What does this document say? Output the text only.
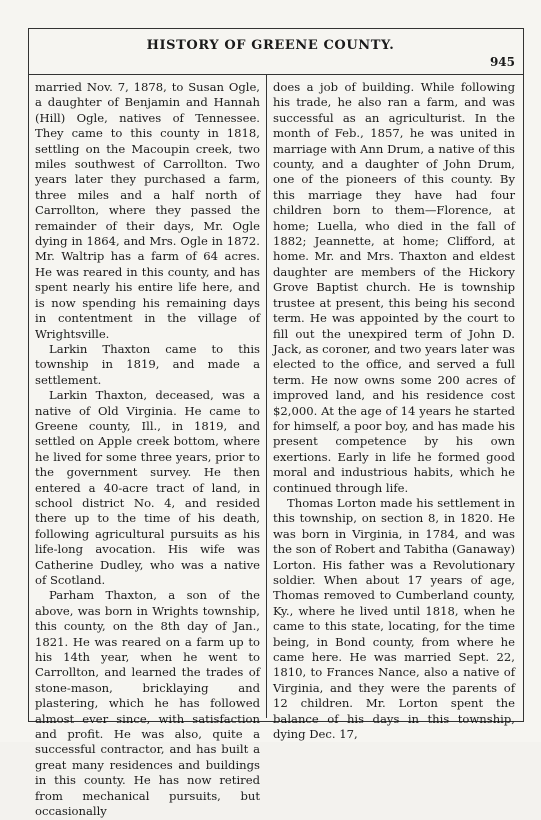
HISTORY OF GREENE COUNTY.
945

married Nov. 7, 1878, to Susan Ogle, a daughter of Benjamin and Hannah (Hill) Ogle, natives of Tennessee. They came to this county in 1818, settling on the Macoupin creek, two miles southwest of Carrollton. Two years later they purchased a farm, three miles and a half north of Carrollton, where they passed the remainder of their days, Mr. Ogle dying in 1864, and Mrs. Ogle in 1872. Mr. Waltrip has a farm of 64 acres. He was reared in this county, and has spent nearly his entire life here, and is now spending his remaining days in contentment in the village of Wrightsville.

Larkin Thaxton came to this township in 1819, and made a settlement.

Larkin Thaxton, deceased, was a native of Old Virginia. He came to Greene county, Ill., in 1819, and settled on Apple creek bottom, where he lived for some three years, prior to the government survey. He then entered a 40-acre tract of land, in school district No. 4, and resided there up to the time of his death, following agricultural pursuits as his life-long avocation. His wife was Catherine Dudley, who was a native of Scotland.

Parham Thaxton, a son of the above, was born in Wrights township, this county, on the 8th day of Jan., 1821. He was reared on a farm up to his 14th year, when he went to Carrollton, and learned the trades of stone-mason, bricklaying and plastering, which he has followed almost ever since, with satisfaction and profit. He was also, quite a successful contractor, and has built a great many residences and buildings in this county. He has now retired from mechanical pursuits, but occasionally

does a job of building. While following his trade, he also ran a farm, and was successful as an agriculturist. In the month of Feb., 1857, he was united in marriage with Ann Drum, a native of this county, and a daughter of John Drum, one of the pioneers of this county. By this marriage they have had four children born to them—Florence, at home; Luella, who died in the fall of 1882; Jeannette, at home; Clifford, at home. Mr. and Mrs. Thaxton and eldest daughter are members of the Hickory Grove Baptist church. He is township trustee at present, this being his second term. He was appointed by the court to fill out the unexpired term of John D. Jack, as coroner, and two years later was elected to the office, and served a full term. He now owns some 200 acres of improved land, and his residence cost $2,000. At the age of 14 years he started for himself, a poor boy, and has made his present competence by his own exertions. Early in life he formed good moral and industrious habits, which he continued through life.

Thomas Lorton made his settlement in this township, on section 8, in 1820. He was born in Virginia, in 1784, and was the son of Robert and Tabitha (Ganaway) Lorton. His father was a Revolutionary soldier. When about 17 years of age, Thomas removed to Cumberland county, Ky., where he lived until 1818, when he came to this state, locating, for the time being, in Bond county, from where he came here. He was married Sept. 22, 1810, to Frances Nance, also a native of Virginia, and they were the parents of 12 children. Mr. Lorton spent the balance of his days in this township, dying Dec. 17,
